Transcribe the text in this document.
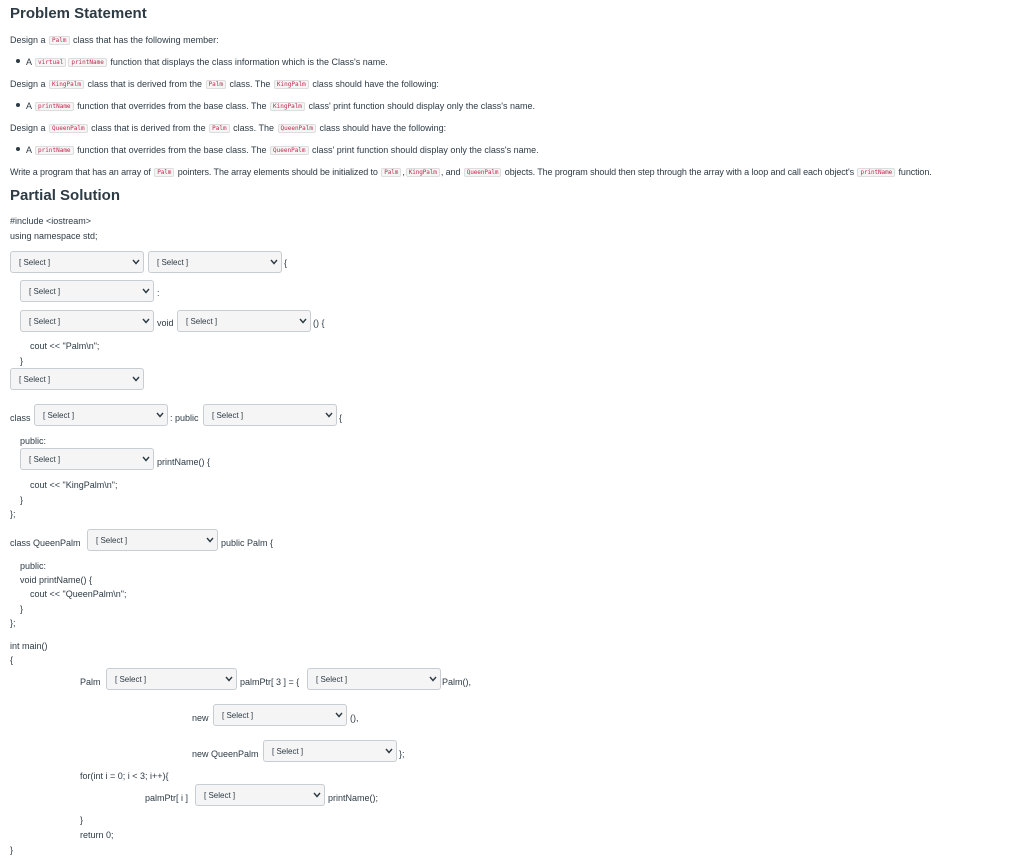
Problem Statement
Design a Palm class that has the following member:
A virtual printName function that displays the class information which is the Class's name.
Design a KingPalm class that is derived from the Palm class. The KingPalm class should have the following:
A printName function that overrides from the base class. The KingPalm class' print function should display only the class's name.
Design a QueenPalm class that is derived from the Palm class. The QueenPalm class should have the following:
A printName function that overrides from the base class. The QueenPalm class' print function should display only the class's name.
Write a program that has an array of Palm pointers. The array elements should be initialized to Palm , KingPalm , and QueenPalm objects. The program should then step through the array with a loop and call each object's printName function.
Partial Solution
#include <iostream>
using namespace std;
[ Select ]	[ Select ]	{
[ Select ]	:
[ Select ]	void [ Select ]	() {
cout << "Palm\n";
}
[ Select ]
class [ Select ]	: public [ Select ]	{
public:
[ Select ]	printName() {
cout << "KingPalm\n";
}
};
class QueenPalm [ Select ]	public Palm {
public:
void printName() {
cout << "QueenPalm\n";
}
};
int main()
{
Palm [ Select ]	palmPtr[ 3 ] = { [ Select ]	Palm(),
new [ Select ]	(),
new QueenPalm [ Select ]	};
for(int i = 0; i < 3; i++){
palmPtr[ i ] [ Select ]	printName();
}
return 0;
}
